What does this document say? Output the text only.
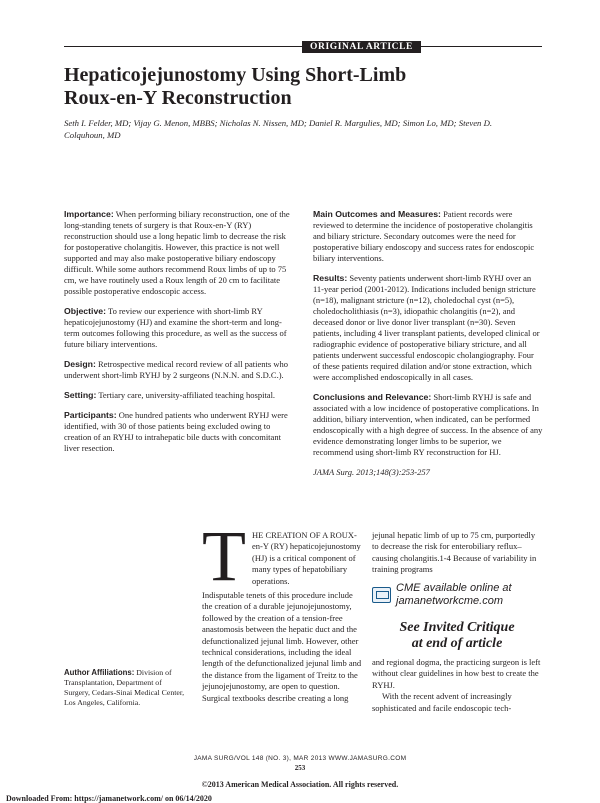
ORIGINAL ARTICLE
Hepaticojejunostomy Using Short-Limb
Roux-en-Y Reconstruction
Seth I. Felder, MD; Vijay G. Menon, MBBS; Nicholas N. Nissen, MD; Daniel R. Margulies, MD; Simon Lo, MD; Steven D. Colquhoun, MD

Importance: When performing biliary reconstruction, one of the long-standing tenets of surgery is that Roux-en-Y (RY) reconstruction should use a long hepatic limb to decrease the risk for postoperative cholangitis. However, this practice is not well supported and may also make postoperative biliary endoscopy difficult. While some authors recommend Roux limbs of up to 75 cm, we have routinely used a Roux length of 20 cm to facilitate possible postoperative endoscopic access.

Objective: To review our experience with short-limb RY hepaticojejunostomy (HJ) and examine the short-term and long-term outcomes following this procedure, as well as the success of future biliary interventions.

Design: Retrospective medical record review of all patients who underwent short-limb RYHJ by 2 surgeons (N.N.N. and S.D.C.).

Setting: Tertiary care, university-affiliated teaching hospital.

Participants: One hundred patients who underwent RYHJ were identified, with 30 of those patients being excluded owing to creation of an RYHJ to intrahepatic bile ducts with concomitant liver resection.

Main Outcomes and Measures: Patient records were reviewed to determine the incidence of postoperative cholangitis and biliary stricture. Secondary outcomes were the need for postoperative biliary endoscopy and success rates for endoscopic biliary interventions.

Results: Seventy patients underwent short-limb RYHJ over an 11-year period (2001-2012). Indications included benign stricture (n=18), malignant stricture (n=12), choledochal cyst (n=5), choledocholithiasis (n=3), idiopathic cholangitis (n=2), and deceased donor or live donor liver transplant (n=30). Seven patients, including 4 liver transplant patients, developed clinical or radiographic evidence of postoperative biliary stricture, and all patients underwent successful endoscopic cholangiography. Four of these patients required dilation and/or stone extraction, which were accomplished endoscopically in all cases.

Conclusions and Relevance: Short-limb RYHJ is safe and associated with a low incidence of postoperative complications. In addition, biliary intervention, when indicated, can be performed endoscopically with a high degree of success. In the absence of any evidence demonstrating longer limbs to be superior, we recommend using short-limb RY reconstruction for HJ.

JAMA Surg. 2013;148(3):253-257

T HE CREATION OF A ROUX-en-Y (RY) hepaticojejunostomy (HJ) is a critical component of many types of hepatobiliary operations.
Indisputable tenets of this procedure include the creation of a durable jejunojejunostomy, followed by the creation of a tension-free anastomosis between the hepatic duct and the defunctionalized jejunal limb. However, other technical considerations, including the ideal length of the defunctionalized jejunal limb and the distance from the ligament of Treitz to the jejunojejunostomy, are open to question. Surgical textbooks describe creating a long
jejunal hepatic limb of up to 75 cm, purportedly to decrease the risk for enterobiliary reflux–causing cholangitis.1-4 Because of variability in training programs
CME available online at
jamanetworkcme.com
See Invited Critique
at end of article
and regional dogma, the practicing surgeon is left without clear guidelines in how best to create the RYHJ.
With the recent advent of increasingly sophisticated and facile endoscopic tech-
Author Affiliations: Division of Transplantation, Department of Surgery, Cedars-Sinai Medical Center, Los Angeles, California.
JAMA SURG/VOL 148 (NO. 3), MAR 2013 WWW.JAMASURG.COM
253
©2013 American Medical Association. All rights reserved.
Downloaded From: https://jamanetwork.com/ on 06/14/2020
